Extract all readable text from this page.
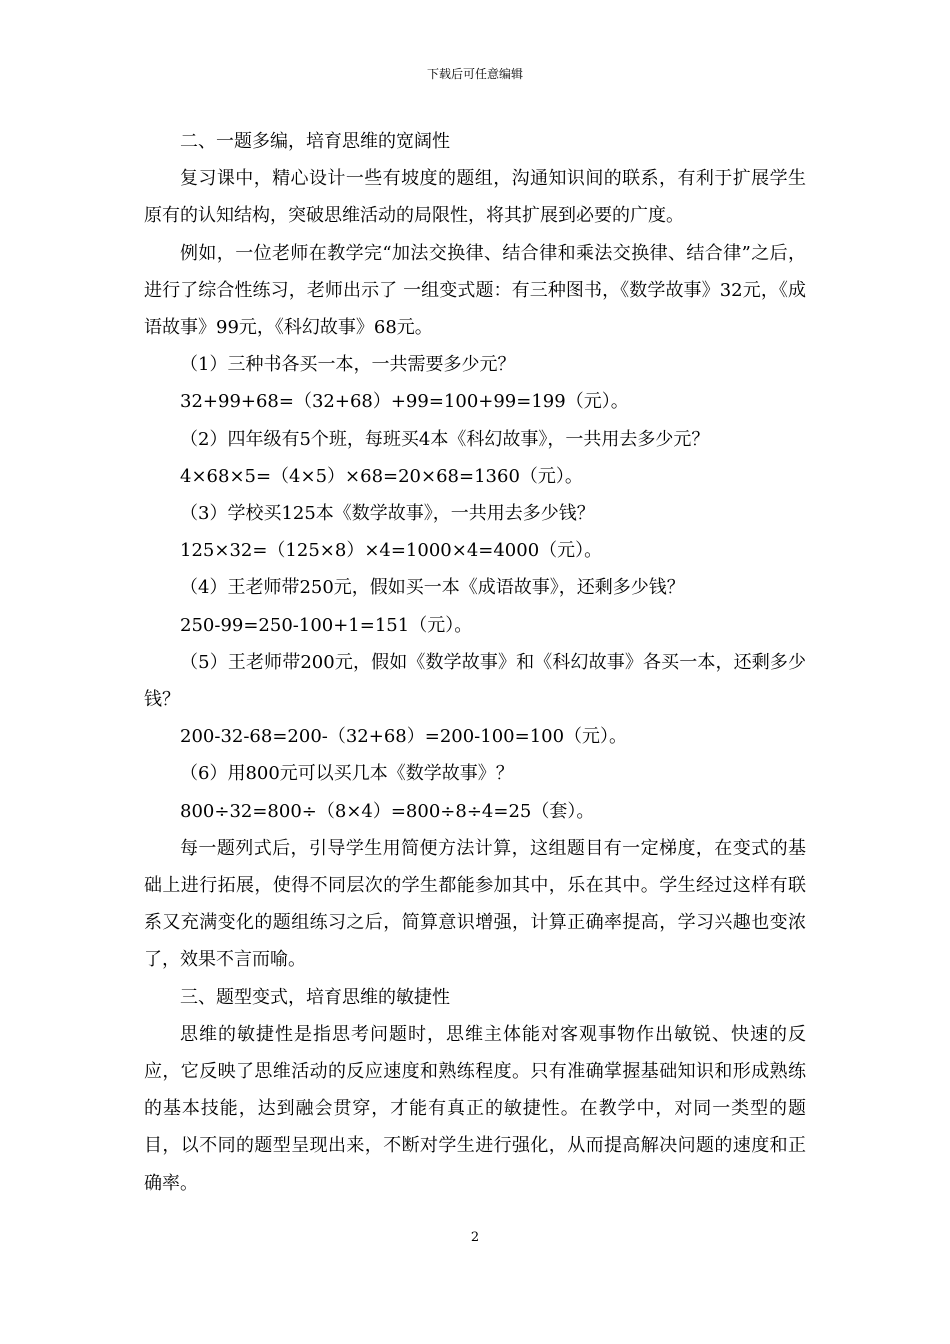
下载后可任意编辑

二、一题多编，培育思维的宽阔性

复习课中，精心设计一些有坡度的题组，沟通知识间的联系，有利于扩展学生原有的认知结构，突破思维活动的局限性，将其扩展到必要的广度。

例如，一位老师在教学完“加法交换律、结合律和乘法交换律、结合律”之后，进行了综合性练习，老师出示了 一组变式题：有三种图书，《数学故事》32元，《成语故事》99元，《科幻故事》68元。

（1）三种书各买一本，一共需要多少元？

32+99+68=（32+68）+99=100+99=199（元）。

（2）四年级有5个班，每班买4本《科幻故事》，一共用去多少元？

4×68×5=（4×5）×68=20×68=1360（元）。

（3）学校买125本《数学故事》，一共用去多少钱？

125×32=（125×8）×4=1000×4=4000（元）。

（4）王老师带250元，假如买一本《成语故事》，还剩多少钱？

250-99=250-100+1=151（元）。

（5）王老师带200元，假如《数学故事》和《科幻故事》各买一本，还剩多少钱？

200-32-68=200-（32+68）=200-100=100（元）。

（6）用800元可以买几本《数学故事》？

800÷32=800÷（8×4）=800÷8÷4=25（套）。

每一题列式后，引导学生用简便方法计算，这组题目有一定梯度，在变式的基础上进行拓展，使得不同层次的学生都能参加其中，乐在其中。学生经过这样有联系又充满变化的题组练习之后，简算意识增强，计算正确率提高，学习兴趣也变浓了，效果不言而喻。

三、题型变式，培育思维的敏捷性

思维的敏捷性是指思考问题时，思维主体能对客观事物作出敏锐、快速的反应，它反映了思维活动的反应速度和熟练程度。只有准确掌握基础知识和形成熟练的基本技能，达到融会贯穿，才能有真正的敏捷性。在教学中，对同一类型的题目，以不同的题型呈现出来，不断对学生进行强化，从而提高解决问题的速度和正确率。

2
